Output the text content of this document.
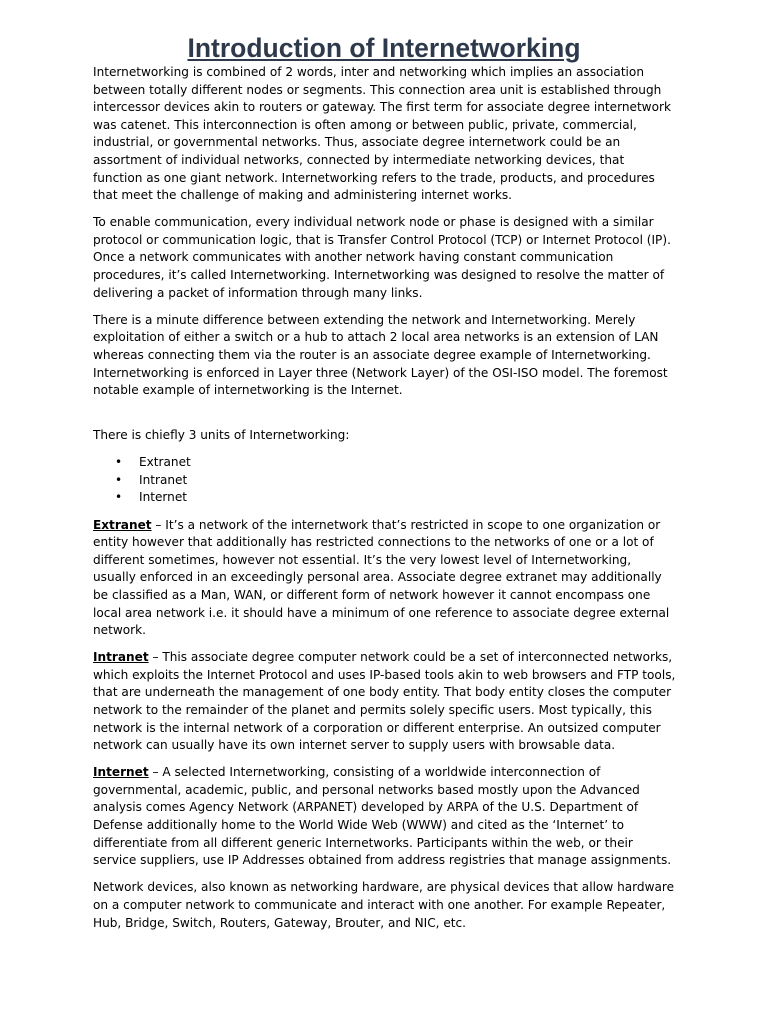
Introduction of Internetworking

Internetworking is combined of 2 words, inter and networking which implies an association between totally different nodes or segments. This connection area unit is established through intercessor devices akin to routers or gateway. The first term for associate degree internetwork was catenet. This interconnection is often among or between public, private, commercial, industrial, or governmental networks. Thus, associate degree internetwork could be an assortment of individual networks, connected by intermediate networking devices, that function as one giant network. Internetworking refers to the trade, products, and procedures that meet the challenge of making and administering internet works.

To enable communication, every individual network node or phase is designed with a similar protocol or communication logic, that is Transfer Control Protocol (TCP) or Internet Protocol (IP). Once a network communicates with another network having constant communication procedures, it’s called Internetworking. Internetworking was designed to resolve the matter of delivering a packet of information through many links.

There is a minute difference between extending the network and Internetworking. Merely exploitation of either a switch or a hub to attach 2 local area networks is an extension of LAN whereas connecting them via the router is an associate degree example of Internetworking. Internetworking is enforced in Layer three (Network Layer) of the OSI-ISO model. The foremost notable example of internetworking is the Internet.

There is chiefly 3 units of Internetworking:

• Extranet
• Intranet
• Internet

Extranet – It’s a network of the internetwork that’s restricted in scope to one organization or entity however that additionally has restricted connections to the networks of one or a lot of different sometimes, however not essential. It’s the very lowest level of Internetworking, usually enforced in an exceedingly personal area. Associate degree extranet may additionally be classified as a Man, WAN, or different form of network however it cannot encompass one local area network i.e. it should have a minimum of one reference to associate degree external network.

Intranet – This associate degree computer network could be a set of interconnected networks, which exploits the Internet Protocol and uses IP-based tools akin to web browsers and FTP tools, that are underneath the management of one body entity. That body entity closes the computer network to the remainder of the planet and permits solely specific users. Most typically, this network is the internal network of a corporation or different enterprise. An outsized computer network can usually have its own internet server to supply users with browsable data.

Internet – A selected Internetworking, consisting of a worldwide interconnection of governmental, academic, public, and personal networks based mostly upon the Advanced analysis comes Agency Network (ARPANET) developed by ARPA of the U.S. Department of Defense additionally home to the World Wide Web (WWW) and cited as the ‘Internet’ to differentiate from all different generic Internetworks. Participants within the web, or their service suppliers, use IP Addresses obtained from address registries that manage assignments.

Network devices, also known as networking hardware, are physical devices that allow hardware on a computer network to communicate and interact with one another. For example Repeater, Hub, Bridge, Switch, Routers, Gateway, Brouter, and NIC, etc.
